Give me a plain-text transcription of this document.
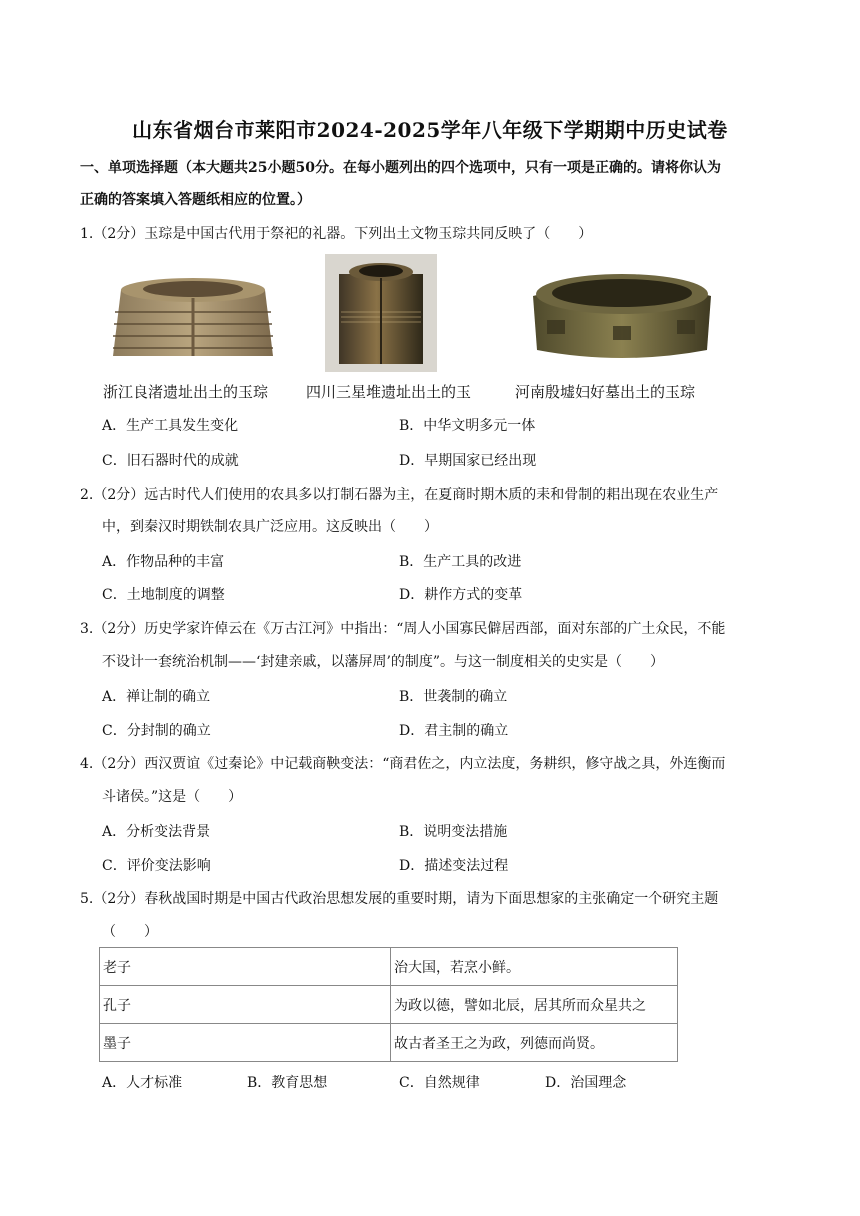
山东省烟台市莱阳市2024-2025学年八年级下学期期中历史试卷
一、单项选择题（本大题共25小题50分。在每小题列出的四个选项中，只有一项是正确的。请将你认为
正确的答案填入答题纸相应的位置。）
1.（2分）玉琮是中国古代用于祭祀的礼器。下列出土文物玉琮共同反映了（　　）
浙江良渚遗址出土的玉琮	四川三星堆遗址出土的玉	河南殷墟妇好墓出土的玉琮
A．生产工具发生变化	B．中华文明多元一体
C．旧石器时代的成就	D．早期国家已经出现
2.（2分）远古时代人们使用的农具多以打制石器为主，在夏商时期木质的耒和骨制的耜出现在农业生产
中，到秦汉时期铁制农具广泛应用。这反映出（　　）
A．作物品种的丰富	B．生产工具的改进
C．土地制度的调整	D．耕作方式的变革
3.（2分）历史学家许倬云在《万古江河》中指出：“周人小国寡民僻居西部，面对东部的广土众民，不能
不设计一套统治机制——‘封建亲戚，以藩屏周’的制度”。与这一制度相关的史实是（　　）
A．禅让制的确立	B．世袭制的确立
C．分封制的确立	D．君主制的确立
4.（2分）西汉贾谊《过秦论》中记载商鞅变法：“商君佐之，内立法度，务耕织，修守战之具，外连衡而
斗诸侯。”这是（　　）
A．分析变法背景	B．说明变法措施
C．评价变法影响	D．描述变法过程
5.（2分）春秋战国时期是中国古代政治思想发展的重要时期，请为下面思想家的主张确定一个研究主题
（　　）
老子	治大国，若烹小鲜。
孔子	为政以德，譬如北辰，居其所而众星共之
墨子	故古者圣王之为政，列德而尚贤。
A．人才标准	B．教育思想	C．自然规律	D．治国理念
